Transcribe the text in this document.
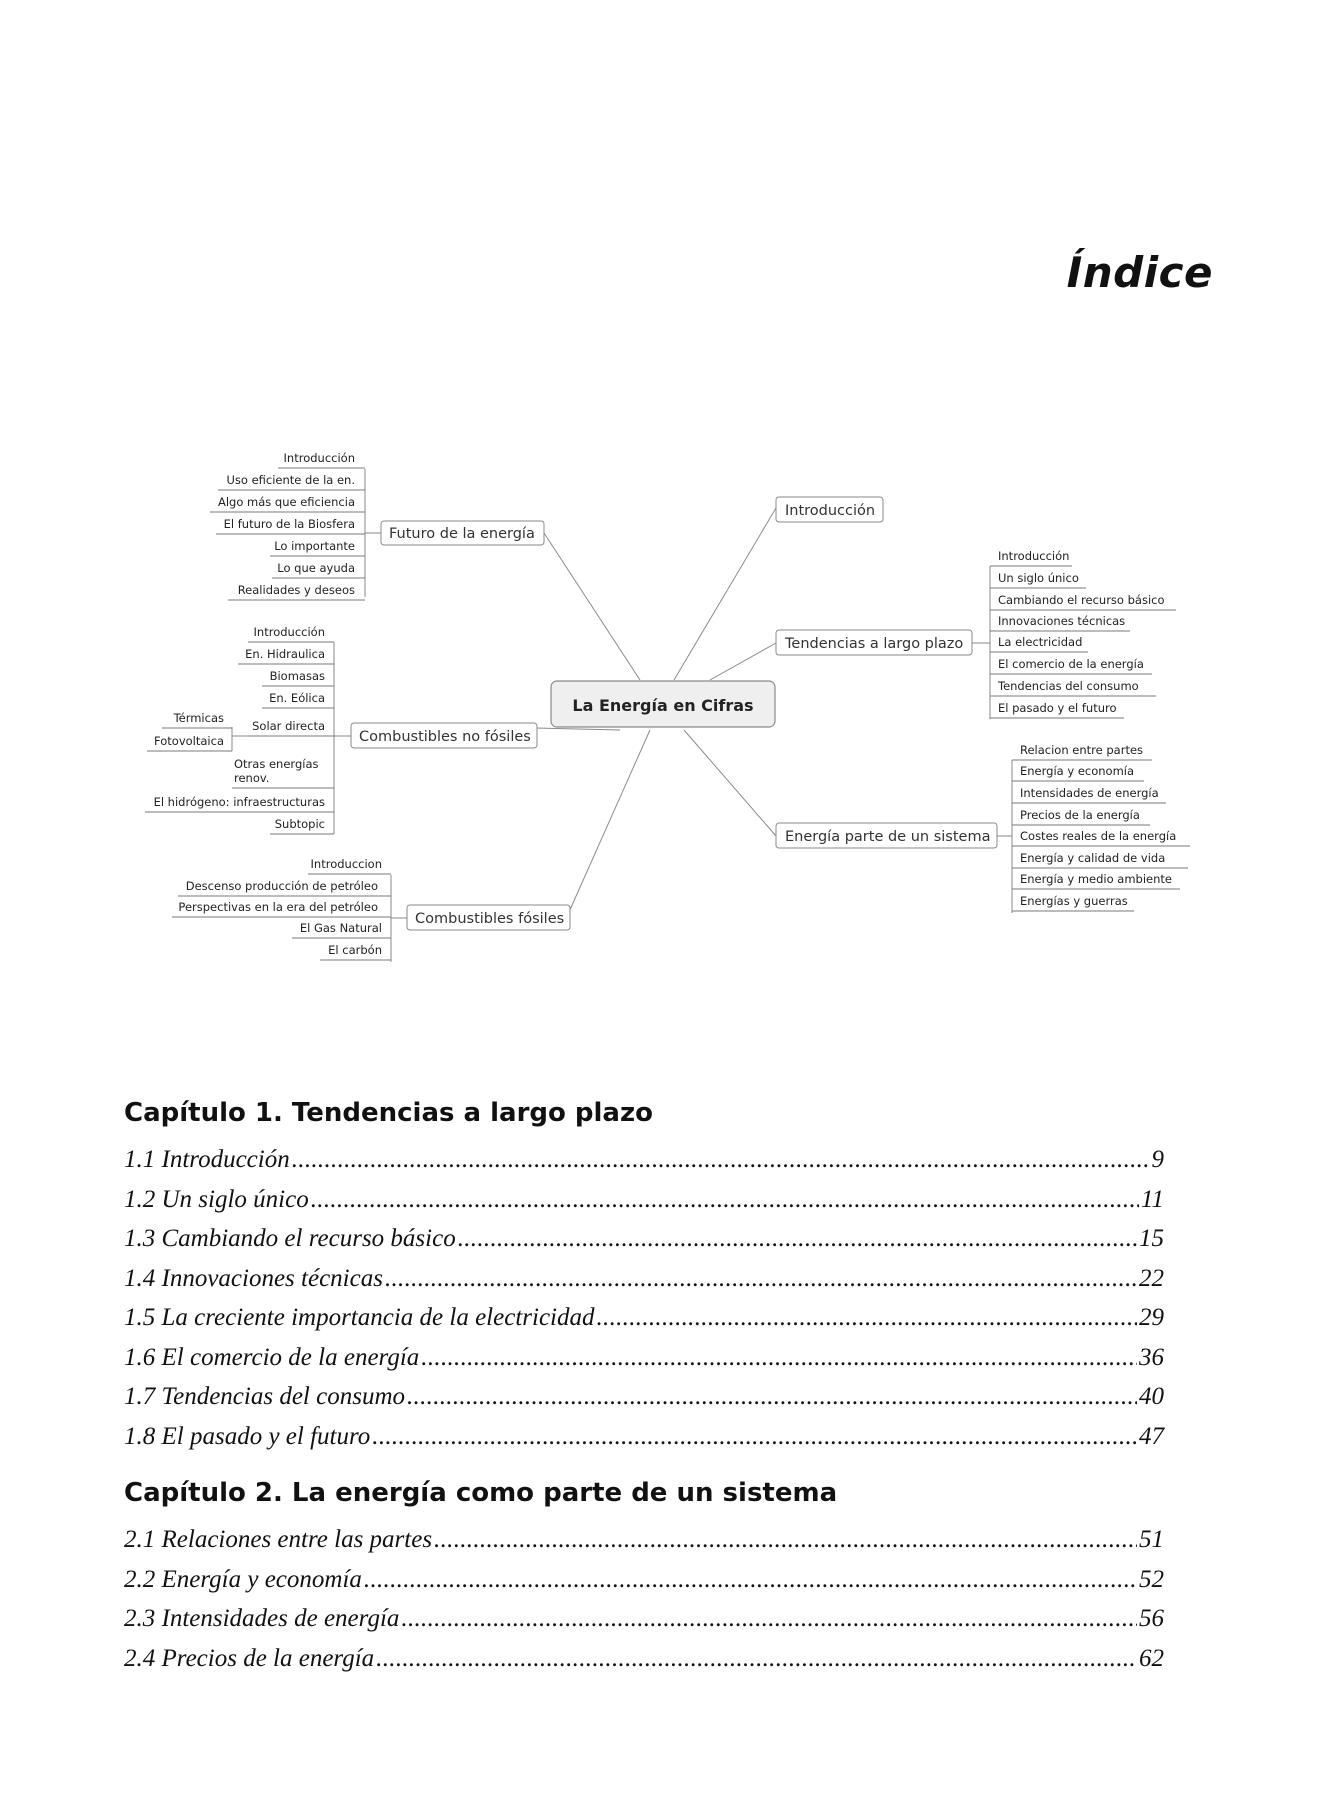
Índice
La Energía en Cifras
Futuro de la energía
Introducción
Uso eficiente de la en.
Algo más que eficiencia
El futuro de la Biosfera
Lo importante
Lo que ayuda
Realidades y deseos
Combustibles no fósiles
Introducción
En. Hidraulica
Biomasas
En. Eólica
Solar directa
Térmicas
Fotovoltaica
Otras energías
renov.
El hidrógeno: infraestructuras
Subtopic
Combustibles fósiles
Introduccion
Descenso producción de petróleo
Perspectivas en la era del petróleo
El Gas Natural
El carbón
Introducción
Tendencias a largo plazo
Introducción
Un siglo único
Cambiando el recurso básico
Innovaciones técnicas
La electricidad
El comercio de la energía
Tendencias del consumo
El pasado y el futuro
Energía parte de un sistema
Relacion entre partes
Energía y economía
Intensidades de energía
Precios de la energía
Costes reales de la energía
Energía y calidad de vida
Energía y medio ambiente
Energías y guerras
Capítulo 1. Tendencias a largo plazo
1.1 Introducción .....	9
1.2 Un siglo único .....	11
1.3 Cambiando el recurso básico .....	15
1.4 Innovaciones técnicas .....	22
1.5 La creciente importancia de la electricidad .....	29
1.6 El comercio de la energía .....	36
1.7 Tendencias del consumo .....	40
1.8 El pasado y el futuro .....	47
Capítulo 2. La energía como parte de un sistema
2.1 Relaciones entre las partes .....	51
2.2 Energía y economía .....	52
2.3 Intensidades de energía .....	56
2.4 Precios de la energía .....	62
